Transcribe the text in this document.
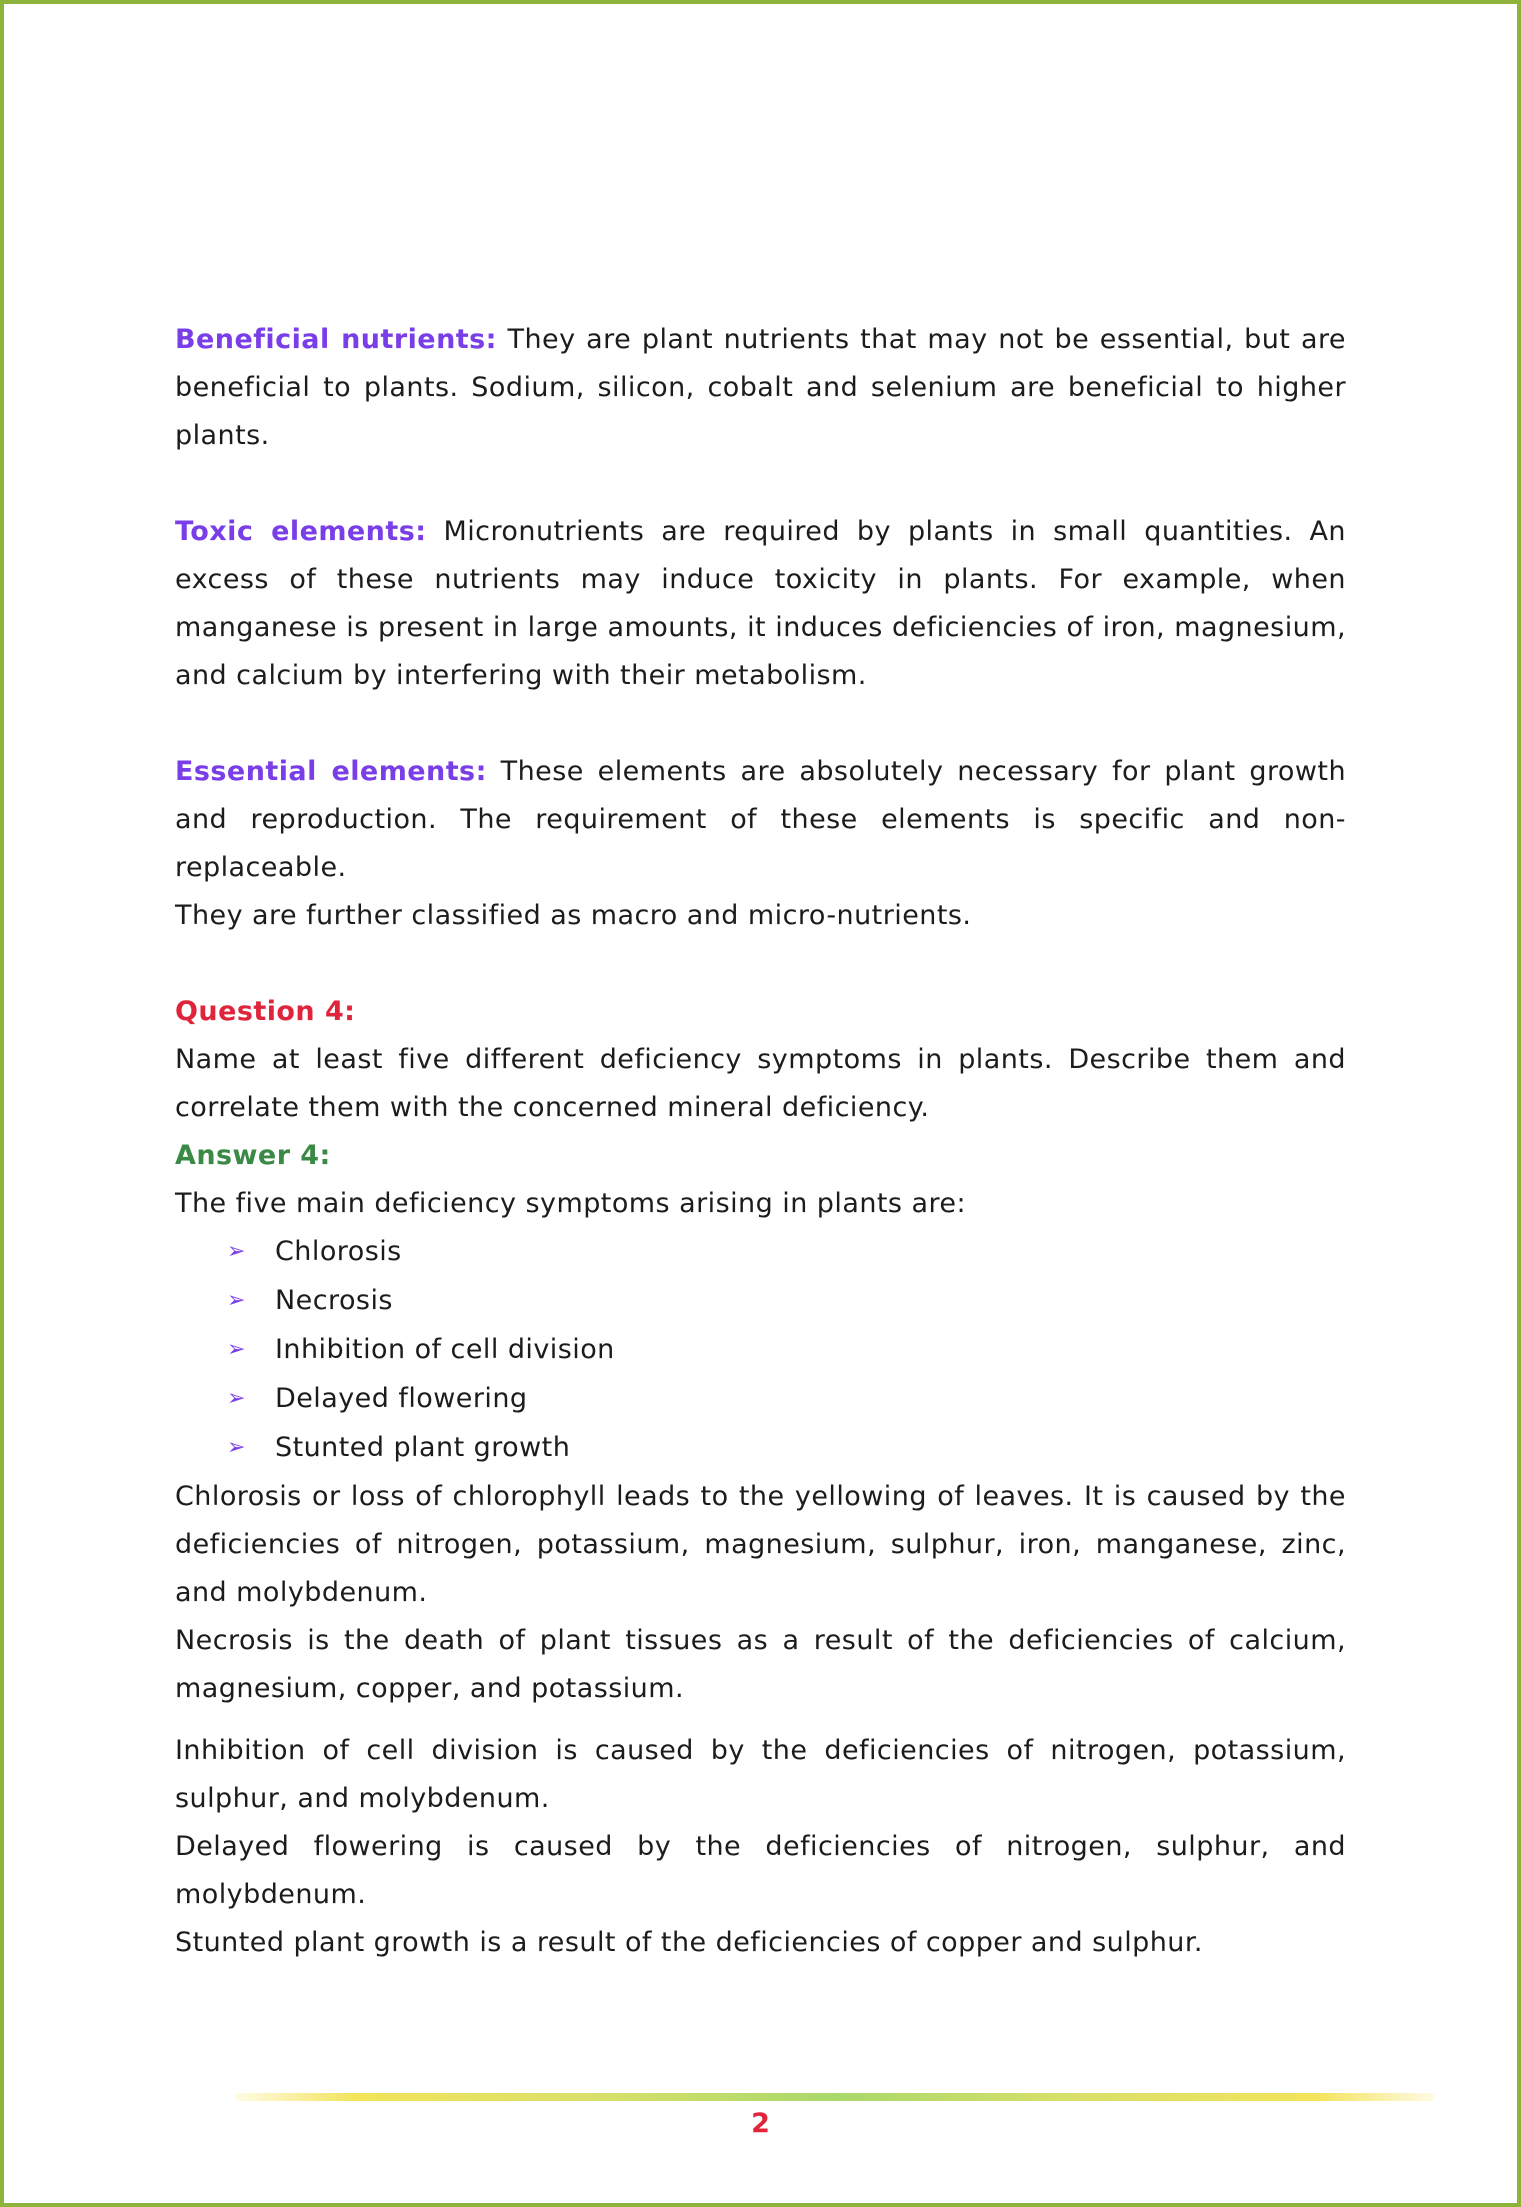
Beneficial nutrients: They are plant nutrients that may not be essential, but are beneficial to plants. Sodium, silicon, cobalt and selenium are beneficial to higher plants.

Toxic elements: Micronutrients are required by plants in small quantities. An excess of these nutrients may induce toxicity in plants. For example, when manganese is present in large amounts, it induces deficiencies of iron, magnesium, and calcium by interfering with their metabolism.

Essential elements: These elements are absolutely necessary for plant growth and reproduction. The requirement of these elements is specific and non-replaceable.

They are further classified as macro and micro-nutrients.

Question 4:

Name at least five different deficiency symptoms in plants. Describe them and correlate them with the concerned mineral deficiency.

Answer 4:

The five main deficiency symptoms arising in plants are:

➢ Chlorosis
➢ Necrosis
➢ Inhibition of cell division
➢ Delayed flowering
➢ Stunted plant growth

Chlorosis or loss of chlorophyll leads to the yellowing of leaves. It is caused by the deficiencies of nitrogen, potassium, magnesium, sulphur, iron, manganese, zinc, and molybdenum.

Necrosis is the death of plant tissues as a result of the deficiencies of calcium, magnesium, copper, and potassium.

Inhibition of cell division is caused by the deficiencies of nitrogen, potassium, sulphur, and molybdenum.

Delayed flowering is caused by the deficiencies of nitrogen, sulphur, and molybdenum.

Stunted plant growth is a result of the deficiencies of copper and sulphur.

2
